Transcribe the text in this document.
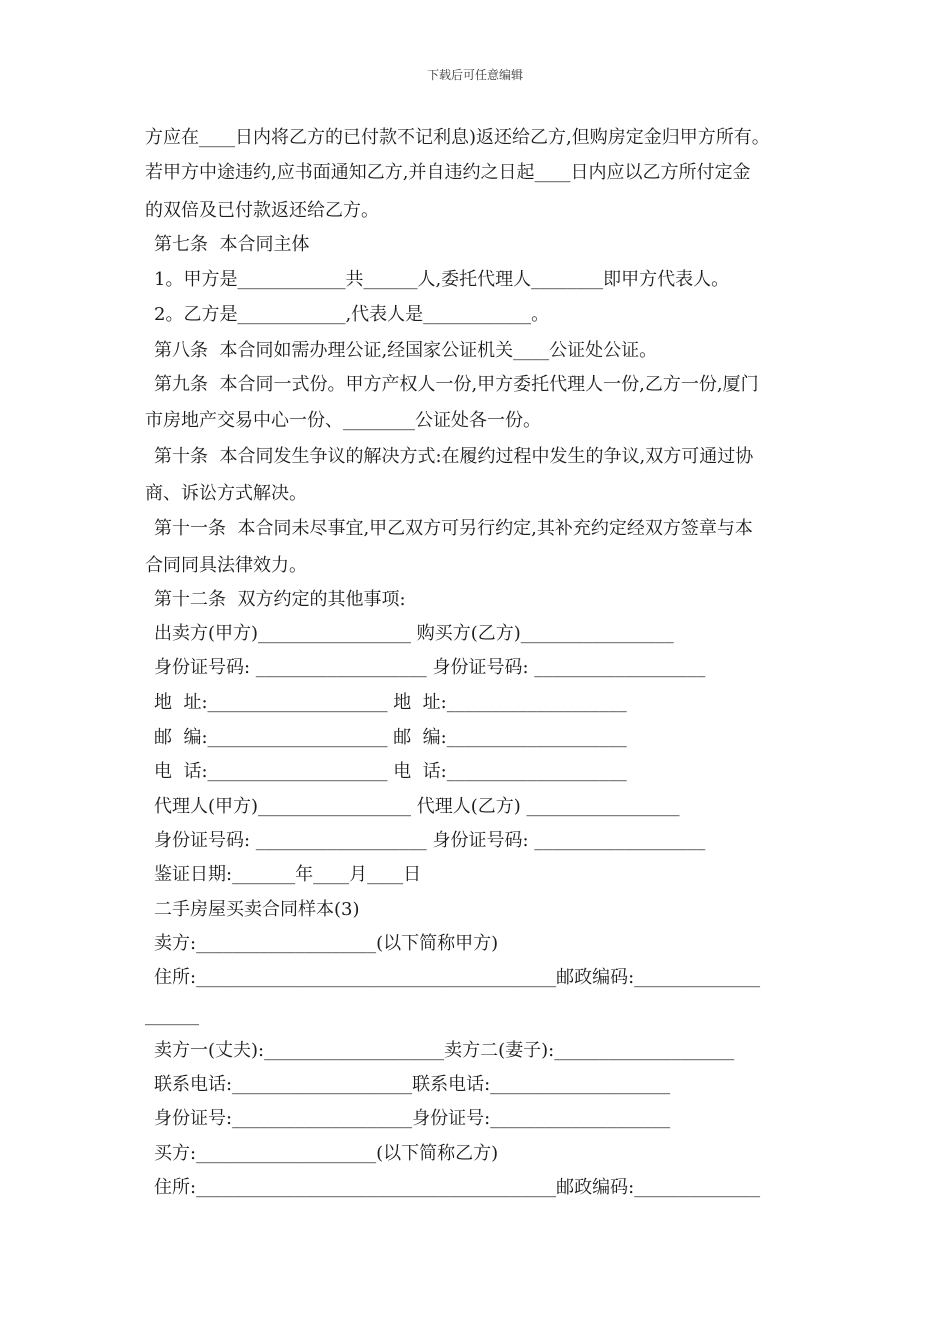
下载后可任意编辑
方应在____日内将乙方的已付款不记利息)返还给乙方,但购房定金归甲方所有。
若甲方中途违约,应书面通知乙方,并自违约之日起____日内应以乙方所付定金
的双倍及已付款返还给乙方。
第七条  本合同主体
1。甲方是____________共______人,委托代理人________即甲方代表人。
2。乙方是____________,代表人是____________。
第八条  本合同如需办理公证,经国家公证机关____公证处公证。
第九条  本合同一式份。甲方产权人一份,甲方委托代理人一份,乙方一份,厦门
市房地产交易中心一份、________公证处各一份。
第十条  本合同发生争议的解决方式:在履约过程中发生的争议,双方可通过协
商、诉讼方式解决。
第十一条  本合同未尽事宜,甲乙双方可另行约定,其补充约定经双方签章与本
合同同具法律效力。
第十二条  双方约定的其他事项:
出卖方(甲方)_________________ 购买方(乙方)_________________
身份证号码: ___________________ 身份证号码: ___________________
地  址:____________________ 地  址:____________________
邮  编:____________________ 邮  编:____________________
电  话:____________________ 电  话:____________________
代理人(甲方)_________________ 代理人(乙方) _________________
身份证号码: ___________________ 身份证号码: ___________________
鉴证日期:_______年____月____日
二手房屋买卖合同样本(3)
卖方:____________________(以下简称甲方)
住所:________________________________________邮政编码:______________
______
卖方一(丈夫):____________________卖方二(妻子):____________________
联系电话:____________________联系电话:____________________
身份证号:____________________身份证号:____________________
买方:____________________(以下简称乙方)
住所:________________________________________邮政编码:______________
